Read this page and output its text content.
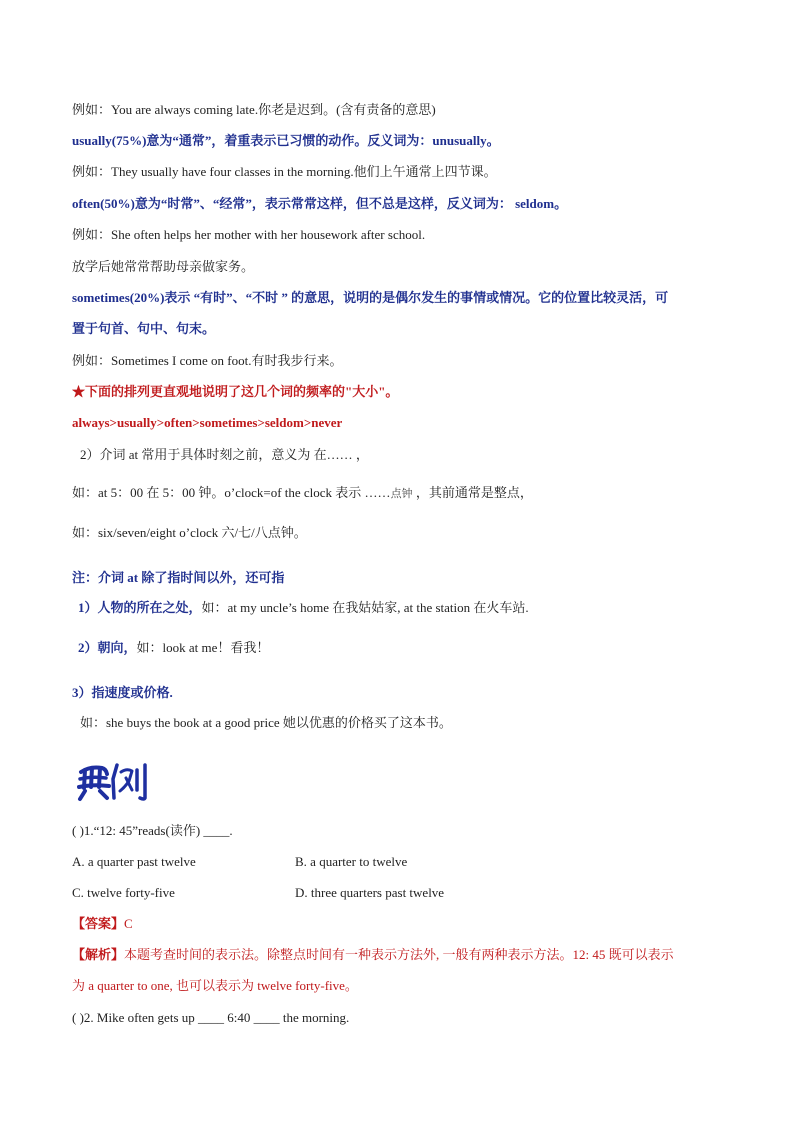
例如：You are always coming late.你老是迟到。(含有责备的意思)
usually(75%)意为“通常”，着重表示已习惯的动作。反义词为：unusually。
例如：They usually have four classes in the morning.他们上午通常上四节课。
often(50%)意为“时常”、“经常”，表示常常这样，但不总是这样，反义词为： seldom。
例如：She often helps her mother with her housework after school.
放学后她常常帮助母亲做家务。
sometimes(20%)表示 “有时”、“不时 ” 的意思，说明的是偶尔发生的事情或情况。它的位置比较灵活，可
置于句首、句中、句末。
例如：Sometimes I come on foot.有时我步行来。
★下面的排列更直观地说明了这几个词的频率的"大小"。
always>usually>often>sometimes>seldom>never
2）介词 at 常用于具体时刻之前，意义为 在…… ，
如：at 5：00 在 5：00 钟。o’clock=of the clock 表示 ……点钟 ，其前通常是整点，
如：six/seven/eight o’clock 六/七/八点钟。
注：介词 at 除了指时间以外，还可指
1）人物的所在之处，如：at my uncle’s home 在我姑姑家, at the station 在火车站.
2）朝向，如：look at me！看我！
3）指速度或价格.
如：she buys the book at a good price 她以优惠的价格买了这本书。
( )1.“12: 45”reads(读作) ____.
A. a quarter past twelve	B. a quarter to twelve
C. twelve forty-five	D. three quarters past twelve
【答案】C
【解析】本题考查时间的表示法。除整点时间有一种表示方法外, 一般有两种表示方法。12: 45 既可以表示
为 a quarter to one, 也可以表示为 twelve forty-five。
( )2. Mike often gets up ____ 6:40 ____ the morning.
